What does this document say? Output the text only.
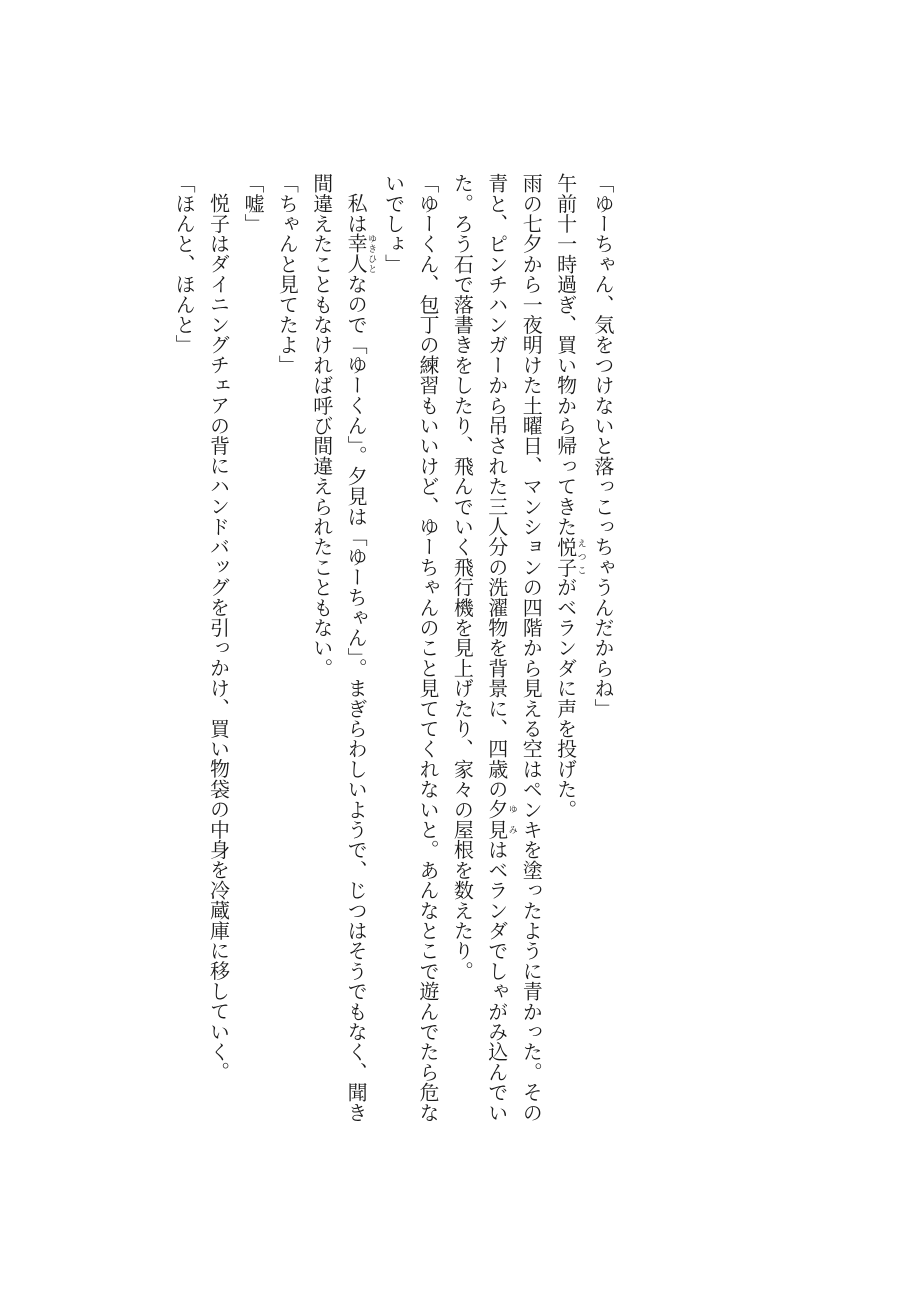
「ゆーちゃん、気をつけないと落っこっちゃうんだからね」

午前十一時過ぎ、買い物から帰ってきた悦子えつこがベランダに声を投げた。

雨の七夕から一夜明けた土曜日、マンションの四階から見える空はペンキを塗ったように青かった。その青と、ピンチハンガーから吊された三人分の洗濯物を背景に、四歳の夕見ゆみはベランダでしゃがみ込んでいた。ろう石で落書きをしたり、飛んでいく飛行機を見上げたり、家々の屋根を数えたり。

「ゆーくん、包丁の練習もいいけど、ゆーちゃんのこと見ててくれないと。あんなとこで遊んでたら危ないでしょ」

私は幸人ゆきひとなので「ゆーくん」。夕見は「ゆーちゃん」。まぎらわしいようで、じつはそうでもなく、聞き間違えたこともなければ呼び間違えられたこともない。

「ちゃんと見てたよ」

「嘘」

悦子はダイニングチェアの背にハンドバッグを引っかけ、買い物袋の中身を冷蔵庫に移していく。

「ほんと、ほんと」
